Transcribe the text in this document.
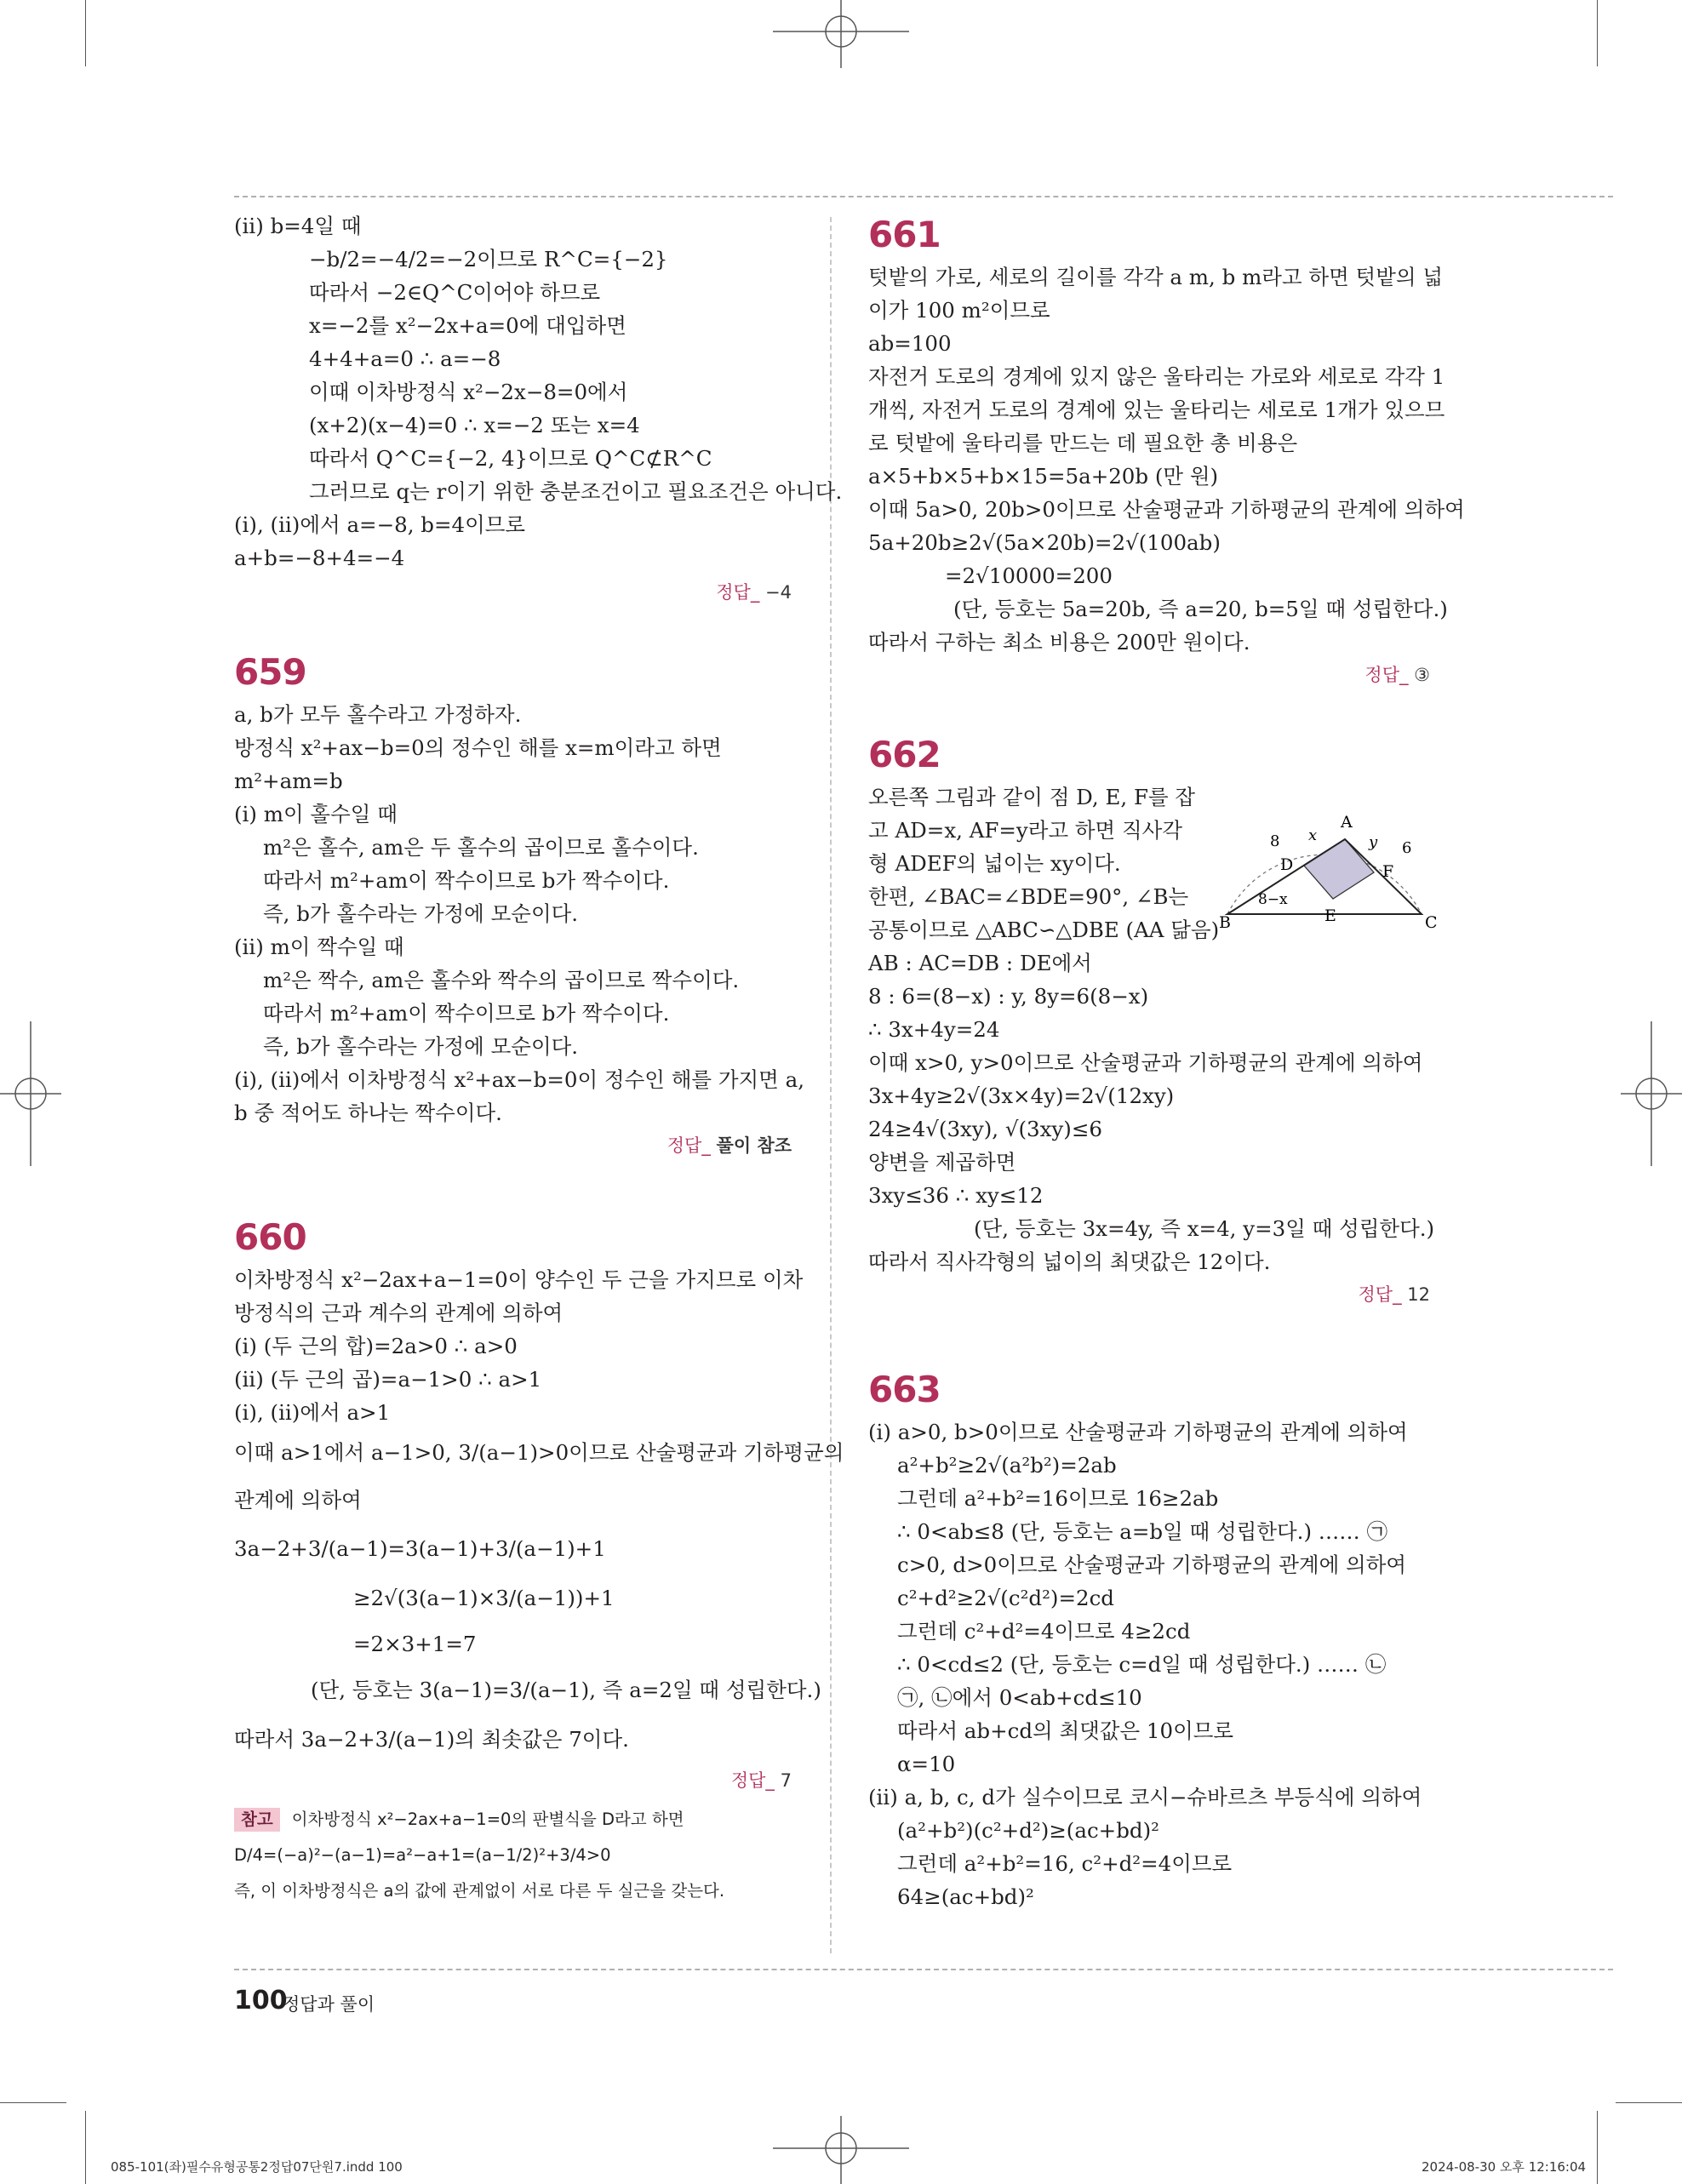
(ⅱ) b=4일 때
−b/2=−4/2=−2이므로 R^C={−2}
따라서 −2∈Q^C이어야 하므로
x=−2를 x²−2x+a=0에 대입하면
4+4+a=0 ∴ a=−8
이때 이차방정식 x²−2x−8=0에서
(x+2)(x−4)=0 ∴ x=−2 또는 x=4
따라서 Q^C={−2, 4}이므로 Q^C⊄R^C
그러므로 q는 r이기 위한 충분조건이고 필요조건은 아니다.
(ⅰ), (ⅱ)에서 a=−8, b=4이므로
a+b=−8+4=−4
정답_ −4
659
a, b가 모두 홀수라고 가정하자.
방정식 x²+ax−b=0의 정수인 해를 x=m이라고 하면
m²+am=b
(ⅰ) m이 홀수일 때
m²은 홀수, am은 두 홀수의 곱이므로 홀수이다.
따라서 m²+am이 짝수이므로 b가 짝수이다.
즉, b가 홀수라는 가정에 모순이다.
(ⅱ) m이 짝수일 때
m²은 짝수, am은 홀수와 짝수의 곱이므로 짝수이다.
따라서 m²+am이 짝수이므로 b가 짝수이다.
즉, b가 홀수라는 가정에 모순이다.
(ⅰ), (ⅱ)에서 이차방정식 x²+ax−b=0이 정수인 해를 가지면 a,
b 중 적어도 하나는 짝수이다.
정답_ 풀이 참조
660
이차방정식 x²−2ax+a−1=0이 양수인 두 근을 가지므로 이차
방정식의 근과 계수의 관계에 의하여
(ⅰ) (두 근의 합)=2a>0 ∴ a>0
(ⅱ) (두 근의 곱)=a−1>0 ∴ a>1
(ⅰ), (ⅱ)에서 a>1
이때 a>1에서 a−1>0, 3/(a−1)>0이므로 산술평균과 기하평균의
관계에 의하여
3a−2+3/(a−1)=3(a−1)+3/(a−1)+1
≥2√(3(a−1)×3/(a−1))+1
=2×3+1=7
(단, 등호는 3(a−1)=3/(a−1), 즉 a=2일 때 성립한다.)
따라서 3a−2+3/(a−1)의 최솟값은 7이다.
정답_ 7
참고 이차방정식 x²−2ax+a−1=0의 판별식을 D라고 하면
D/4=(−a)²−(a−1)=a²−a+1=(a−1/2)²+3/4>0
즉, 이 이차방정식은 a의 값에 관계없이 서로 다른 두 실근을 갖는다.
661
텃밭의 가로, 세로의 길이를 각각 a m, b m라고 하면 텃밭의 넓
이가 100 m²이므로
ab=100
자전거 도로의 경계에 있지 않은 울타리는 가로와 세로로 각각 1
개씩, 자전거 도로의 경계에 있는 울타리는 세로로 1개가 있으므
로 텃밭에 울타리를 만드는 데 필요한 총 비용은
a×5+b×5+b×15=5a+20b (만 원)
이때 5a>0, 20b>0이므로 산술평균과 기하평균의 관계에 의하여
5a+20b≥2√(5a×20b)=2√(100ab)
=2√10000=200
(단, 등호는 5a=20b, 즉 a=20, b=5일 때 성립한다.)
따라서 구하는 최소 비용은 200만 원이다.
정답_ ③
662
오른쪽 그림과 같이 점 D, E, F를 잡
고 AD=x, AF=y라고 하면 직사각
형 ADEF의 넓이는 xy이다.
한편, ∠BAC=∠BDE=90°, ∠B는
공통이므로 △ABC∽△DBE (AA 닮음)
AB : AC=DB : DE에서
8 : 6=(8−x) : y, 8y=6(8−x)
∴ 3x+4y=24
이때 x>0, y>0이므로 산술평균과 기하평균의 관계에 의하여
3x+4y≥2√(3x×4y)=2√(12xy)
24≥4√(3xy), √(3xy)≤6
양변을 제곱하면
3xy≤36 ∴ xy≤12
(단, 등호는 3x=4y, 즉 x=4, y=3일 때 성립한다.)
따라서 직사각형의 넓이의 최댓값은 12이다.
정답_ 12
663
(ⅰ) a>0, b>0이므로 산술평균과 기하평균의 관계에 의하여
a²+b²≥2√(a²b²)=2ab
그런데 a²+b²=16이므로 16≥2ab
∴ 0<ab≤8 (단, 등호는 a=b일 때 성립한다.) …… ㉠
c>0, d>0이므로 산술평균과 기하평균의 관계에 의하여
c²+d²≥2√(c²d²)=2cd
그런데 c²+d²=4이므로 4≥2cd
∴ 0<cd≤2 (단, 등호는 c=d일 때 성립한다.) …… ㉡
㉠, ㉡에서 0<ab+cd≤10
따라서 ab+cd의 최댓값은 10이므로
α=10
(ⅱ) a, b, c, d가 실수이므로 코시−슈바르츠 부등식에 의하여
(a²+b²)(c²+d²)≥(ac+bd)²
그런데 a²+b²=16, c²+d²=4이므로
64≥(ac+bd)²
A
B	C
D
E
F
8	6
x	y
8−x
100
정답과 풀이
085-101(좌)필수유형공통2정답07단원7.indd 100	2024-08-30 오후 12:16:04
